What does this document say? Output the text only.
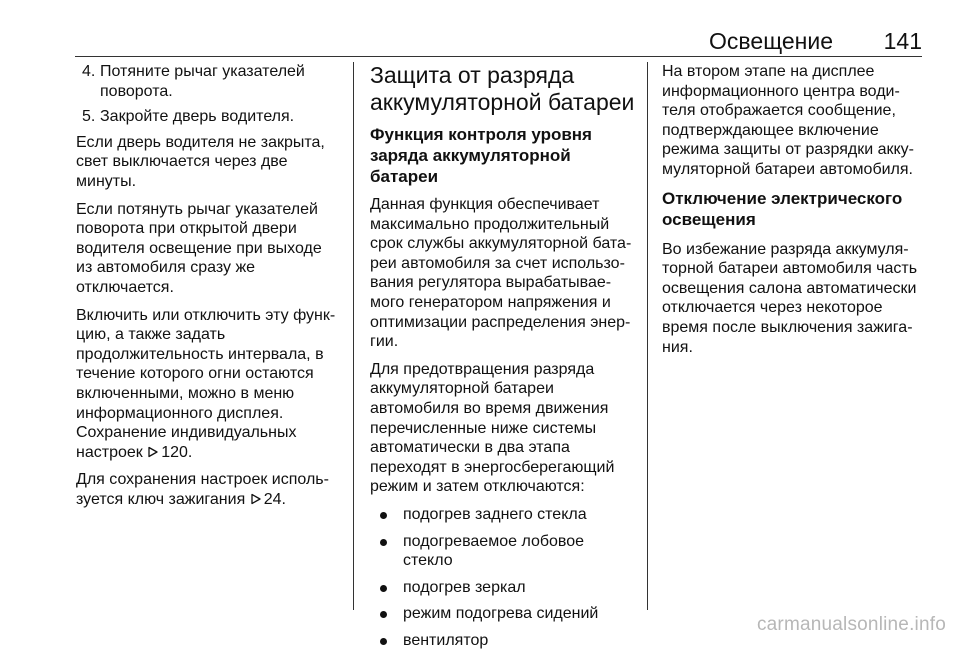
Освещение 141
4. Потяните рычаг указателей поворота.
5. Закройте дверь водителя.

Если дверь водителя не закрыта, свет выключается через две минуты.

Если потянуть рычаг указателей поворота при открытой двери водителя освещение при выходе из автомобиля сразу же отключается.

Включить или отключить эту функцию, а также задать продолжительность интервала, в течение которого огни остаются включенными, можно в меню информационного дисплея. Сохранение индивидуальных настроек 120.

Для сохранения настроек используется ключ зажигания 24.

Защита от разряда аккумуляторной батареи
Функция контроля уровня заряда аккумуляторной батареи

Данная функция обеспечивает максимально продолжительный срок службы аккумуляторной батареи автомобиля за счет использования регулятора вырабатываемого генератором напряжения и оптимизации распределения энергии.

Для предотвращения разряда аккумуляторной батареи автомобиля во время движения перечисленные ниже системы автоматически в два этапа переходят в энергосберегающий режим и затем отключаются:

подогрев заднего стекла
подогреваемое лобовое стекло
подогрев зеркал
режим подогрева сидений
вентилятор

На втором этапе на дисплее информационного центра водителя отображается сообщение, подтверждающее включение режима защиты от разрядки аккумуляторной батареи автомобиля.

Отключение электрического освещения

Во избежание разряда аккумуляторной батареи автомобиля часть освещения салона автоматически отключается через некоторое время после выключения зажигания.

carmanualsonline.info
